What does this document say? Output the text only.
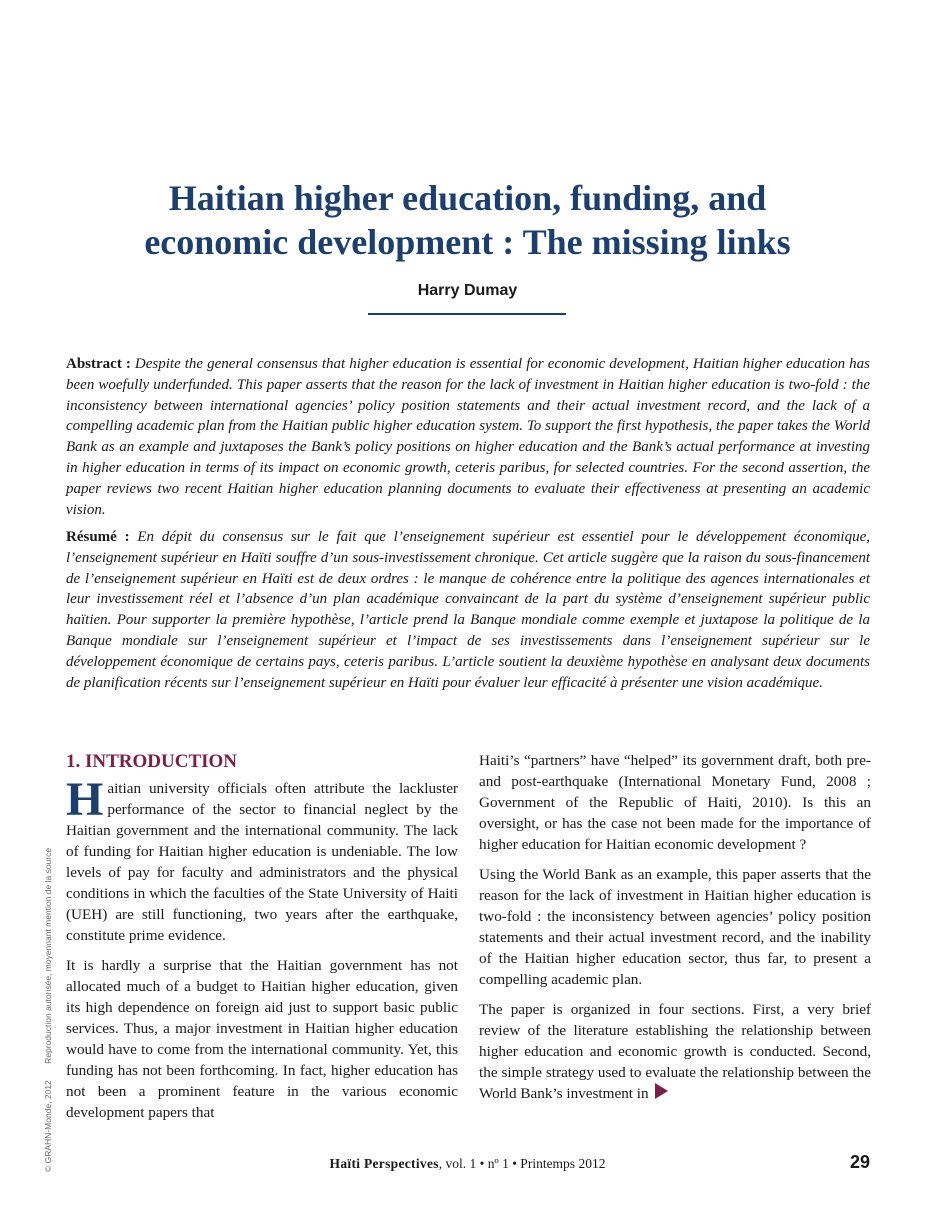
Haitian higher education, funding, and
economic development : The missing links
Harry Dumay
Abstract : Despite the general consensus that higher education is essential for economic development, Haitian higher education has been woefully underfunded. This paper asserts that the reason for the lack of investment in Haitian higher education is two-fold : the inconsistency between international agencies’ policy position statements and their actual investment record, and the lack of a compelling academic plan from the Haitian public higher education system. To support the first hypothesis, the paper takes the World Bank as an example and juxtaposes the Bank’s policy positions on higher education and the Bank’s actual performance at investing in higher education in terms of its impact on economic growth, ceteris paribus, for selected countries. For the second assertion, the paper reviews two recent Haitian higher education planning documents to evaluate their effectiveness at presenting an academic vision.
Résumé : En dépit du consensus sur le fait que l’enseignement supérieur est essentiel pour le développement économique, l’enseignement supérieur en Haïti souffre d’un sous-investissement chronique. Cet article suggère que la raison du sous-financement de l’enseignement supérieur en Haïti est de deux ordres : le manque de cohérence entre la politique des agences internationales et leur investissement réel et l’absence d’un plan académique convaincant de la part du système d’enseignement supérieur public haïtien. Pour supporter la première hypothèse, l’article prend la Banque mondiale comme exemple et juxtapose la politique de la Banque mondiale sur l’enseignement supérieur et l’impact de ses investissements dans l’enseignement supérieur sur le développement économique de certains pays, ceteris paribus. L’article soutient la deuxième hypothèse en analysant deux documents de planification récents sur l’enseignement supérieur en Haïti pour évaluer leur efficacité à présenter une vision académique.
1. INTRODUCTION

Haitian university officials often attribute the lackluster performance of the sector to financial neglect by the Haitian government and the international community. The lack of funding for Haitian higher education is undeniable. The low levels of pay for faculty and administrators and the physical conditions in which the faculties of the State University of Haiti (UEH) are still functioning, two years after the earthquake, constitute prime evidence.

It is hardly a surprise that the Haitian government has not allocated much of a budget to Haitian higher education, given its high dependence on foreign aid just to support basic public services. Thus, a major investment in Haitian higher education would have to come from the international community. Yet, this funding has not been forthcoming. In fact, higher education has not been a prominent feature in the various economic development papers that

Haiti’s “partners” have “helped” its government draft, both pre- and post-earthquake (International Monetary Fund, 2008 ; Government of the Republic of Haiti, 2010). Is this an oversight, or has the case not been made for the importance of higher education for Haitian economic development ?

Using the World Bank as an example, this paper asserts that the reason for the lack of investment in Haitian higher education is two-fold : the inconsistency between agencies’ policy position statements and their actual investment record, and the inability of the Haitian higher education sector, thus far, to present a compelling academic plan.

The paper is organized in four sections. First, a very brief review of the literature establishing the relationship between higher education and economic growth is conducted. Second, the simple strategy used to evaluate the relationship between the World Bank’s investment in

© GRAHN-Monde, 2012 Reproduction autorisée, moyennant mention de la source
Haïti Perspectives, vol. 1 • nº 1 • Printemps 2012	29
